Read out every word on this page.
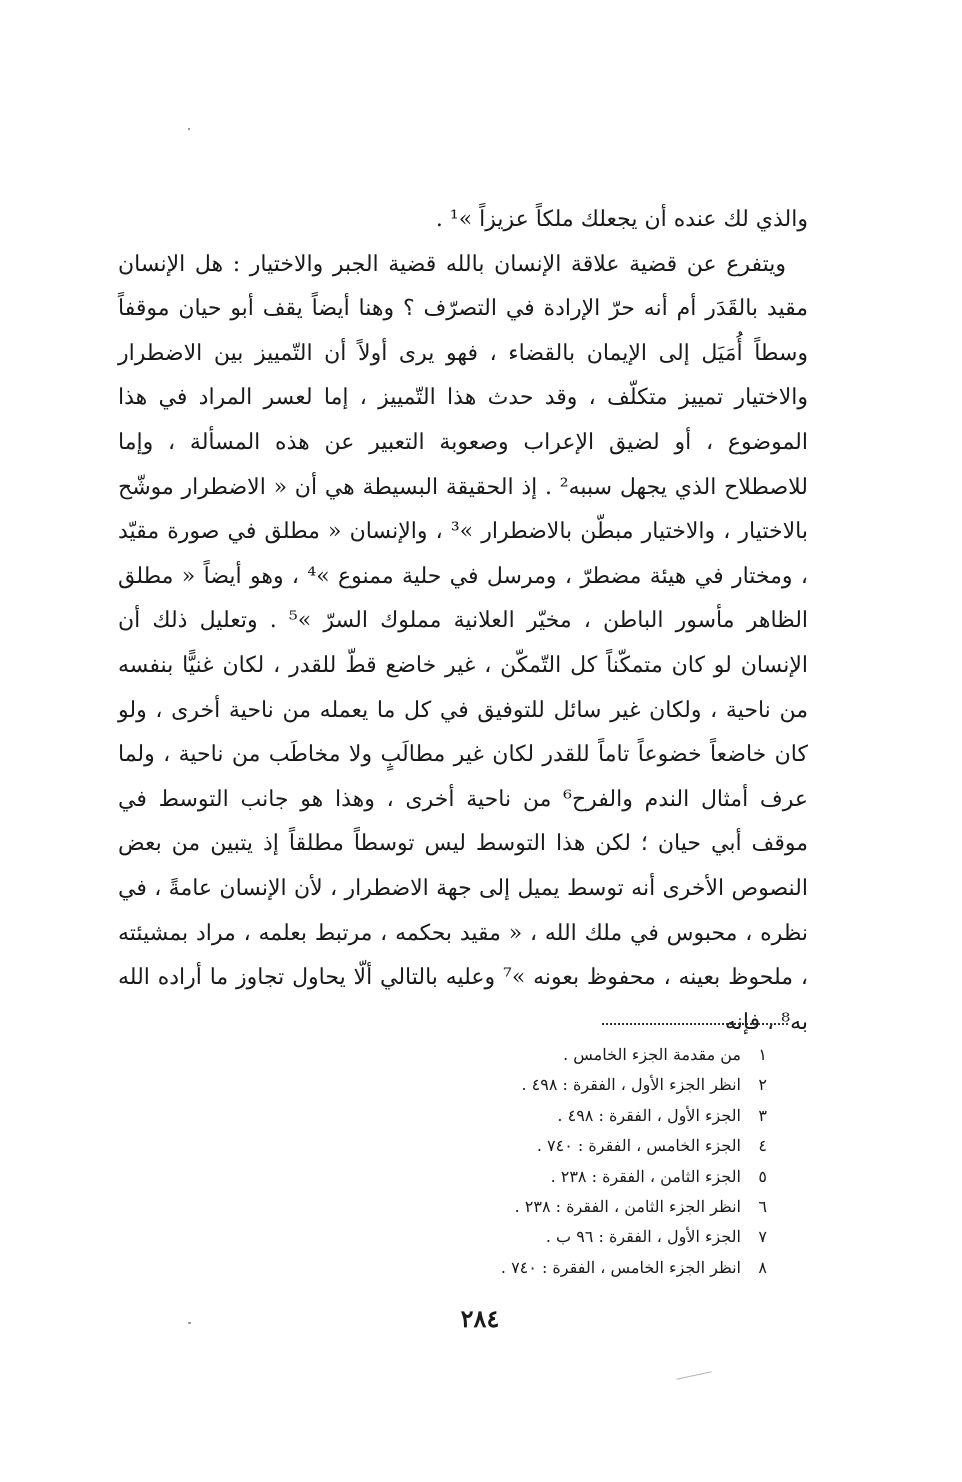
والذي لك عنده أن يجعلك ملكاً عزيزاً »¹ .

ويتفرع عن قضية علاقة الإنسان بالله قضية الجبر والاختيار : هل الإنسان مقيد بالقَدَر أم أنه حرّ الإرادة في التصرّف ؟ وهنا أيضاً يقف أبو حيان موقفاً وسطاً أُمَيَل إلى الإيمان بالقضاء ، فهو يرى أولاً أن التّمييز بين الاضطرار والاختيار تمييز متكلّف ، وقد حدث هذا التّمييز ، إما لعسر المراد في هذا الموضوع ، أو لضيق الإعراب وصعوبة التعبير عن هذه المسألة ، وإما للاصطلاح الذي يجهل سببه² . إذ الحقيقة البسيطة هي أن « الاضطرار موشّح بالاختيار ، والاختيار مبطّن بالاضطرار »³ ، والإنسان « مطلق في صورة مقيّد ، ومختار في هيئة مضطرّ ، ومرسل في حلية ممنوع »⁴ ، وهو أيضاً « مطلق الظاهر مأسور الباطن ، مخيّر العلانية مملوك السرّ »⁵ . وتعليل ذلك أن الإنسان لو كان متمكّناً كل التّمكّن ، غير خاضع قطّ للقدر ، لكان غنيًّا بنفسه من ناحية ، ولكان غير سائل للتوفيق في كل ما يعمله من ناحية أخرى ، ولو كان خاضعاً خضوعاً تاماً للقدر لكان غير مطالَبٍ ولا مخاطَب من ناحية ، ولما عرف أمثال الندم والفرح⁶ من ناحية أخرى ، وهذا هو جانب التوسط في موقف أبي حيان ؛ لكن هذا التوسط ليس توسطاً مطلقاً إذ يتبين من بعض النصوص الأخرى أنه توسط يميل إلى جهة الاضطرار ، لأن الإنسان عامةً ، في نظره ، محبوس في ملك الله ، « مقيد بحكمه ، مرتبط بعلمه ، مراد بمشيئته ، ملحوظ بعينه ، محفوظ بعونه »⁷ وعليه بالتالي ألّا يحاول تجاوز ما أراده الله به⁸ ، فإنه

١من مقدمة الجزء الخامس .
٢انظر الجزء الأول ، الفقرة : ٤٩٨ .
٣الجزء الأول ، الفقرة : ٤٩٨ .
٤الجزء الخامس ، الفقرة : ٧٤٠ .
٥الجزء الثامن ، الفقرة : ٢٣٨ .
٦انظر الجزء الثامن ، الفقرة : ٢٣٨ .
٧الجزء الأول ، الفقرة : ٩٦ ب .
٨انظر الجزء الخامس ، الفقرة : ٧٤٠ .
٢٨٤
